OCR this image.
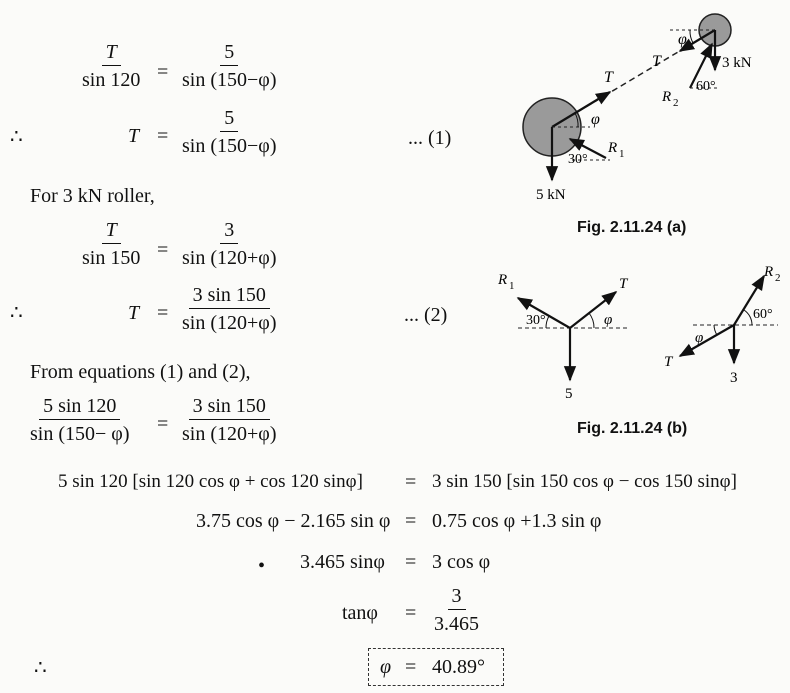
$\frac{T}{\sin 120} = \frac{5}{\sin (150-\varphi)}$
∴	$T = \frac{5}{\sin (150-\varphi)}$	... (1)
For 3 kN roller,
$\frac{T}{\sin 150} = \frac{3}{\sin (120+\varphi)}$
∴	$T = \frac{3 \sin 150}{\sin (120+\varphi)}$	... (2)
From equations (1) and (2),
$\frac{5 \sin 120}{\sin (150- \varphi)} = \frac{3 \sin 150}{\sin (120+\varphi)}$
5 sin 120 [sin 120 cos φ + cos 120 sinφ] = 3 sin 150 [sin 150 cos φ − cos 150 sinφ]
3.75 cos φ − 2.165 sin φ = 0.75 cos φ +1.3 sin φ
• 3.465 sinφ = 3 cos φ
$\tan\varphi = \frac{3}{3.465}$
∴	φ = 40.89°
T
T
φ
φ
3 kN
R 2
60°
R 1
30°
5 kN
Fig. 2.11.24 (a)
R 1	T
30°	φ
5
R 2
60°
φ
T
3
Fig. 2.11.24 (b)
